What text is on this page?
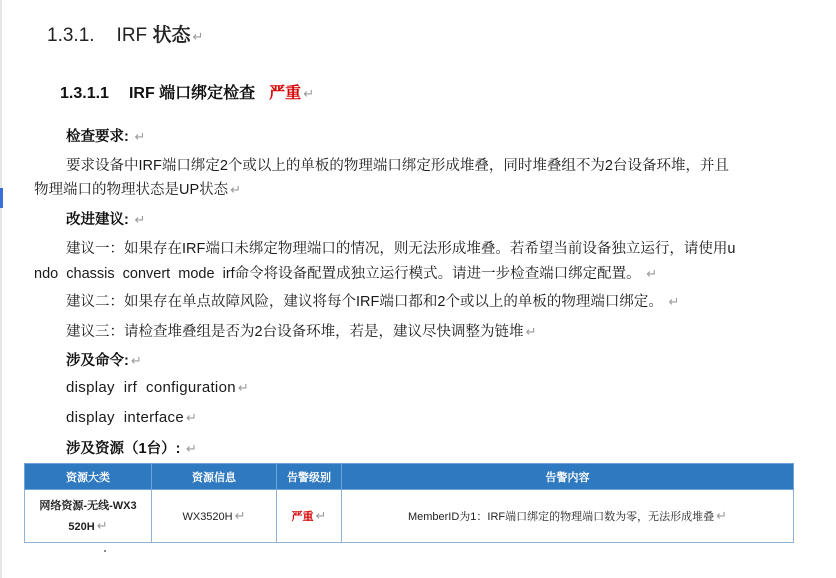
1.3.1. IRF 状态 ↵
1.3.1.1 IRF 端口绑定检查 严重 ↵
检查要求: ↵
要求设备中IRF端口绑定2个或以上的单板的物理端口绑定形成堆叠，同时堆叠组不为2台设备环堆，并且
物理端口的物理状态是UP状态 ↵
改进建议: ↵
建议一：如果存在IRF端口未绑定物理端口的情况，则无法形成堆叠。若希望当前设备独立运行，请使用u
ndo  chassis  convert  mode  irf命令将设备配置成独立运行模式。请进一步检查端口绑定配置。 ↵
建议二：如果存在单点故障风险，建议将每个IRF端口都和2个或以上的单板的物理端口绑定。 ↵
建议三：请检查堆叠组是否为2台设备环堆，若是，建议尽快调整为链堆 ↵
涉及命令: ↵
display  irf  configuration ↵
display  interface ↵
涉及资源（1台）: ↵
资源大类	资源信息	告警级别	告警内容
网络资源-无线-WX3
520H ↵	WX3520H ↵	严重 ↵	MemberID为1：IRF端口绑定的物理端口数为零，无法形成堆叠 ↵
